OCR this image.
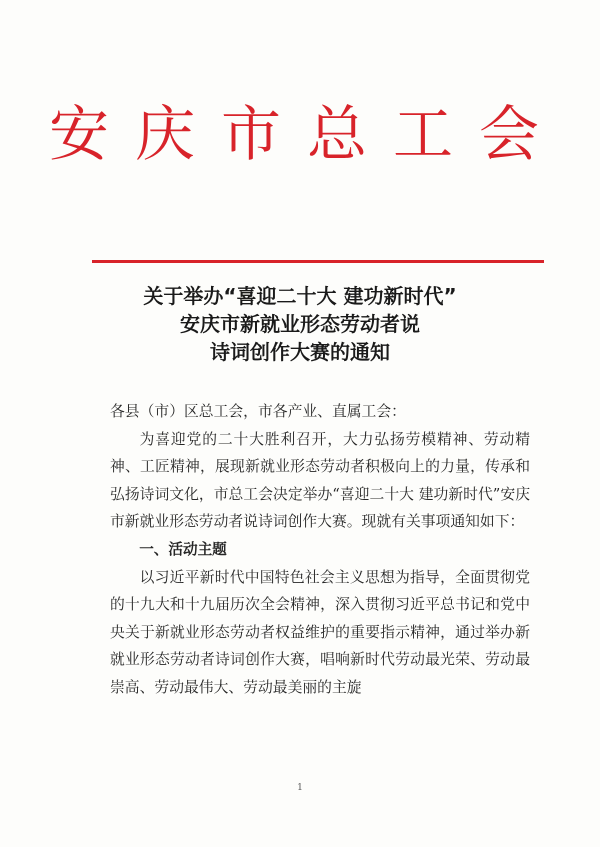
安庆市总工会
关于举办“喜迎二十大 建功新时代”
安庆市新就业形态劳动者说
诗词创作大赛的通知

各县（市）区总工会，市各产业、直属工会：

为喜迎党的二十大胜利召开，大力弘扬劳模精神、劳动精神、工匠精神，展现新就业形态劳动者积极向上的力量，传承和弘扬诗词文化，市总工会决定举办“喜迎二十大 建功新时代”安庆市新就业形态劳动者说诗词创作大赛。现就有关事项通知如下：

一、活动主题

以习近平新时代中国特色社会主义思想为指导，全面贯彻党的十九大和十九届历次全会精神，深入贯彻习近平总书记和党中央关于新就业形态劳动者权益维护的重要指示精神，通过举办新就业形态劳动者诗词创作大赛，唱响新时代劳动最光荣、劳动最崇高、劳动最伟大、劳动最美丽的主旋

1
